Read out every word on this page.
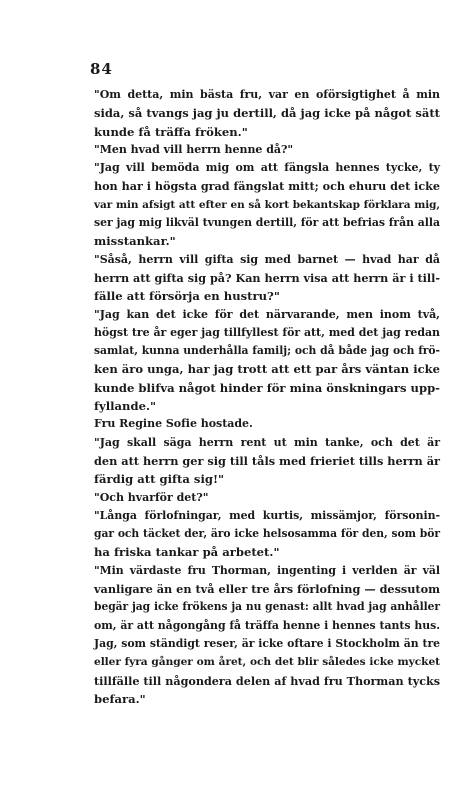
84

"Om detta, min bästa fru, var en oförsigtighet å min
sida, så tvangs jag ju dertill, då jag icke på något sätt
kunde få träffa fröken."

"Men hvad vill herrn henne då?"

"Jag vill bemöda mig om att fängsla hennes tycke, ty
hon har i högsta grad fängslat mitt; och ehuru det icke
var min afsigt att efter en så kort bekantskap förklara mig,
ser jag mig likväl tvungen dertill, för att befrias från alla
misstankar."

"Såså, herrn vill gifta sig med barnet — hvad har då
herrn att gifta sig på? Kan herrn visa att herrn är i till-
fälle att försörja en hustru?"

"Jag kan det icke för det närvarande, men inom två,
högst tre år eger jag tillfyllest för att, med det jag redan
samlat, kunna underhålla familj; och då både jag och frö-
ken äro unga, har jag trott att ett par års väntan icke
kunde blifva något hinder för mina önskningars upp-
fyllande."

Fru Regine Sofie hostade.

"Jag skall säga herrn rent ut min tanke, och det är
den att herrn ger sig till tåls med frieriet tills herrn är
färdig att gifta sig!"

"Och hvarför det?"

"Långa förlofningar, med kurtis, missämjor, försonin-
gar och täcket der, äro icke helsosamma för den, som bör
ha friska tankar på arbetet."

"Min värdaste fru Thorman, ingenting i verlden är väl
vanligare än en två eller tre års förlofning — dessutom
begär jag icke frökens ja nu genast: allt hvad jag anhåller
om, är att någongång få träffa henne i hennes tants hus.
Jag, som ständigt reser, är icke oftare i Stockholm än tre
eller fyra gånger om året, och det blir således icke mycket
tillfälle till någondera delen af hvad fru Thorman tycks
befara."
